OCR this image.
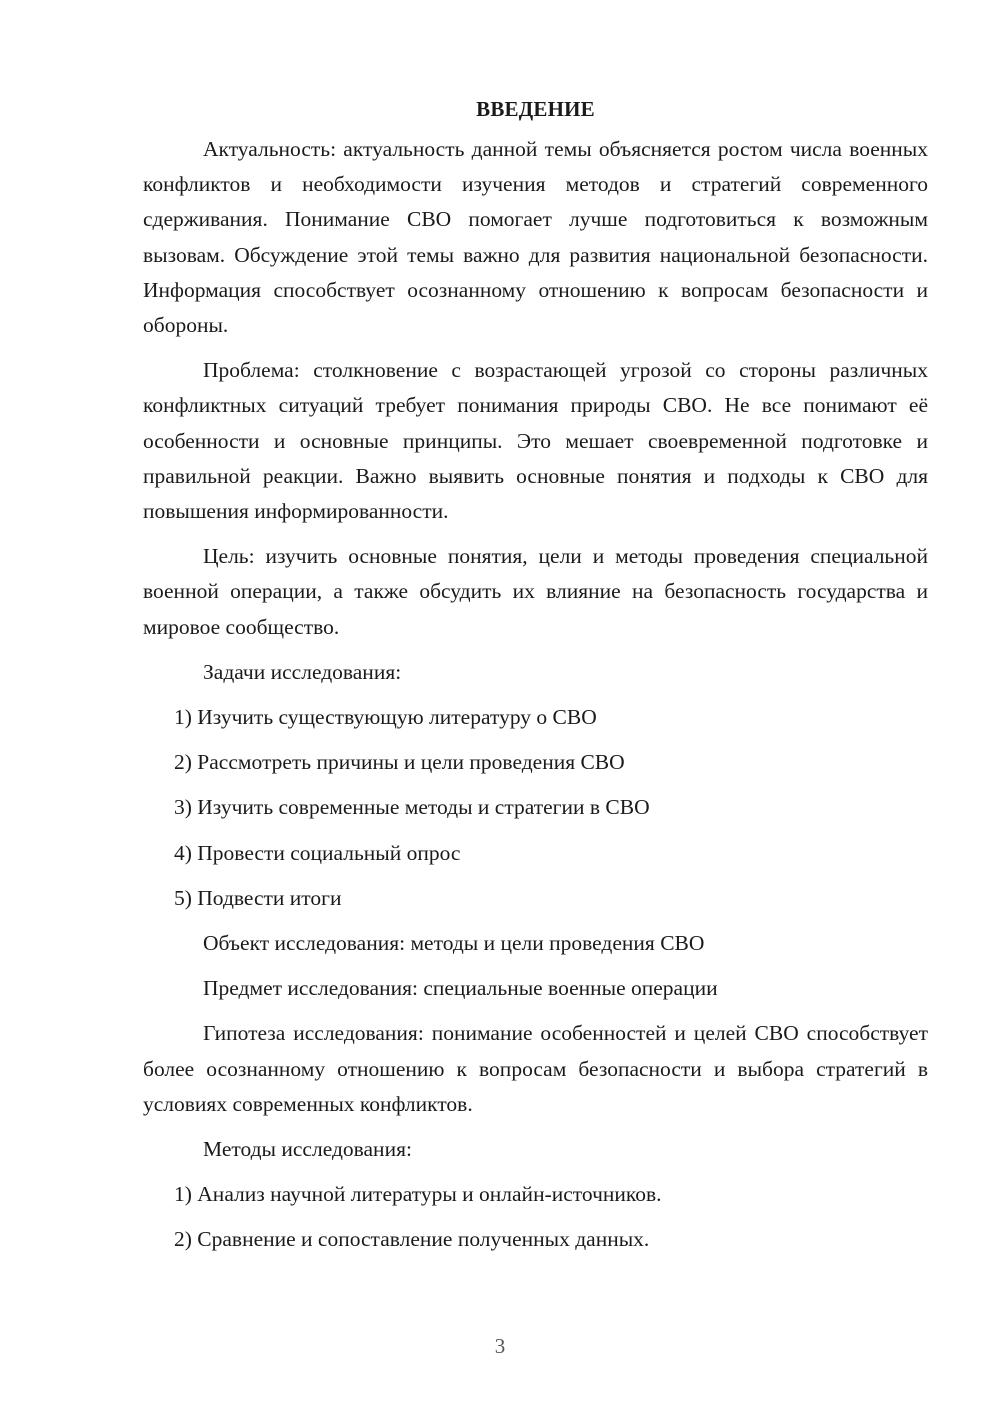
ВВЕДЕНИЕ

Актуальность: актуальность данной темы объясняется ростом числа военных конфликтов и необходимости изучения методов и стратегий современного сдерживания. Понимание СВО помогает лучше подготовиться к возможным вызовам. Обсуждение этой темы важно для развития национальной безопасности. Информация способствует осознанному отношению к вопросам безопасности и обороны.

Проблема: столкновение с возрастающей угрозой со стороны различных конфликтных ситуаций требует понимания природы СВО. Не все понимают её особенности и основные принципы. Это мешает своевременной подготовке и правильной реакции. Важно выявить основные понятия и подходы к СВО для повышения информированности.

Цель: изучить основные понятия, цели и методы проведения специальной военной операции, а также обсудить их влияние на безопасность государства и мировое сообщество.

Задачи исследования:

1) Изучить существующую литературу о СВО

2) Рассмотреть причины и цели проведения СВО

3) Изучить современные методы и стратегии в СВО

4) Провести социальный опрос

5) Подвести итоги

Объект исследования: методы и цели проведения СВО

Предмет исследования: специальные военные операции

Гипотеза исследования: понимание особенностей и целей СВО способствует более осознанному отношению к вопросам безопасности и выбора стратегий в условиях современных конфликтов.

Методы исследования:

1) Анализ научной литературы и онлайн-источников.

2) Сравнение и сопоставление полученных данных.

3
